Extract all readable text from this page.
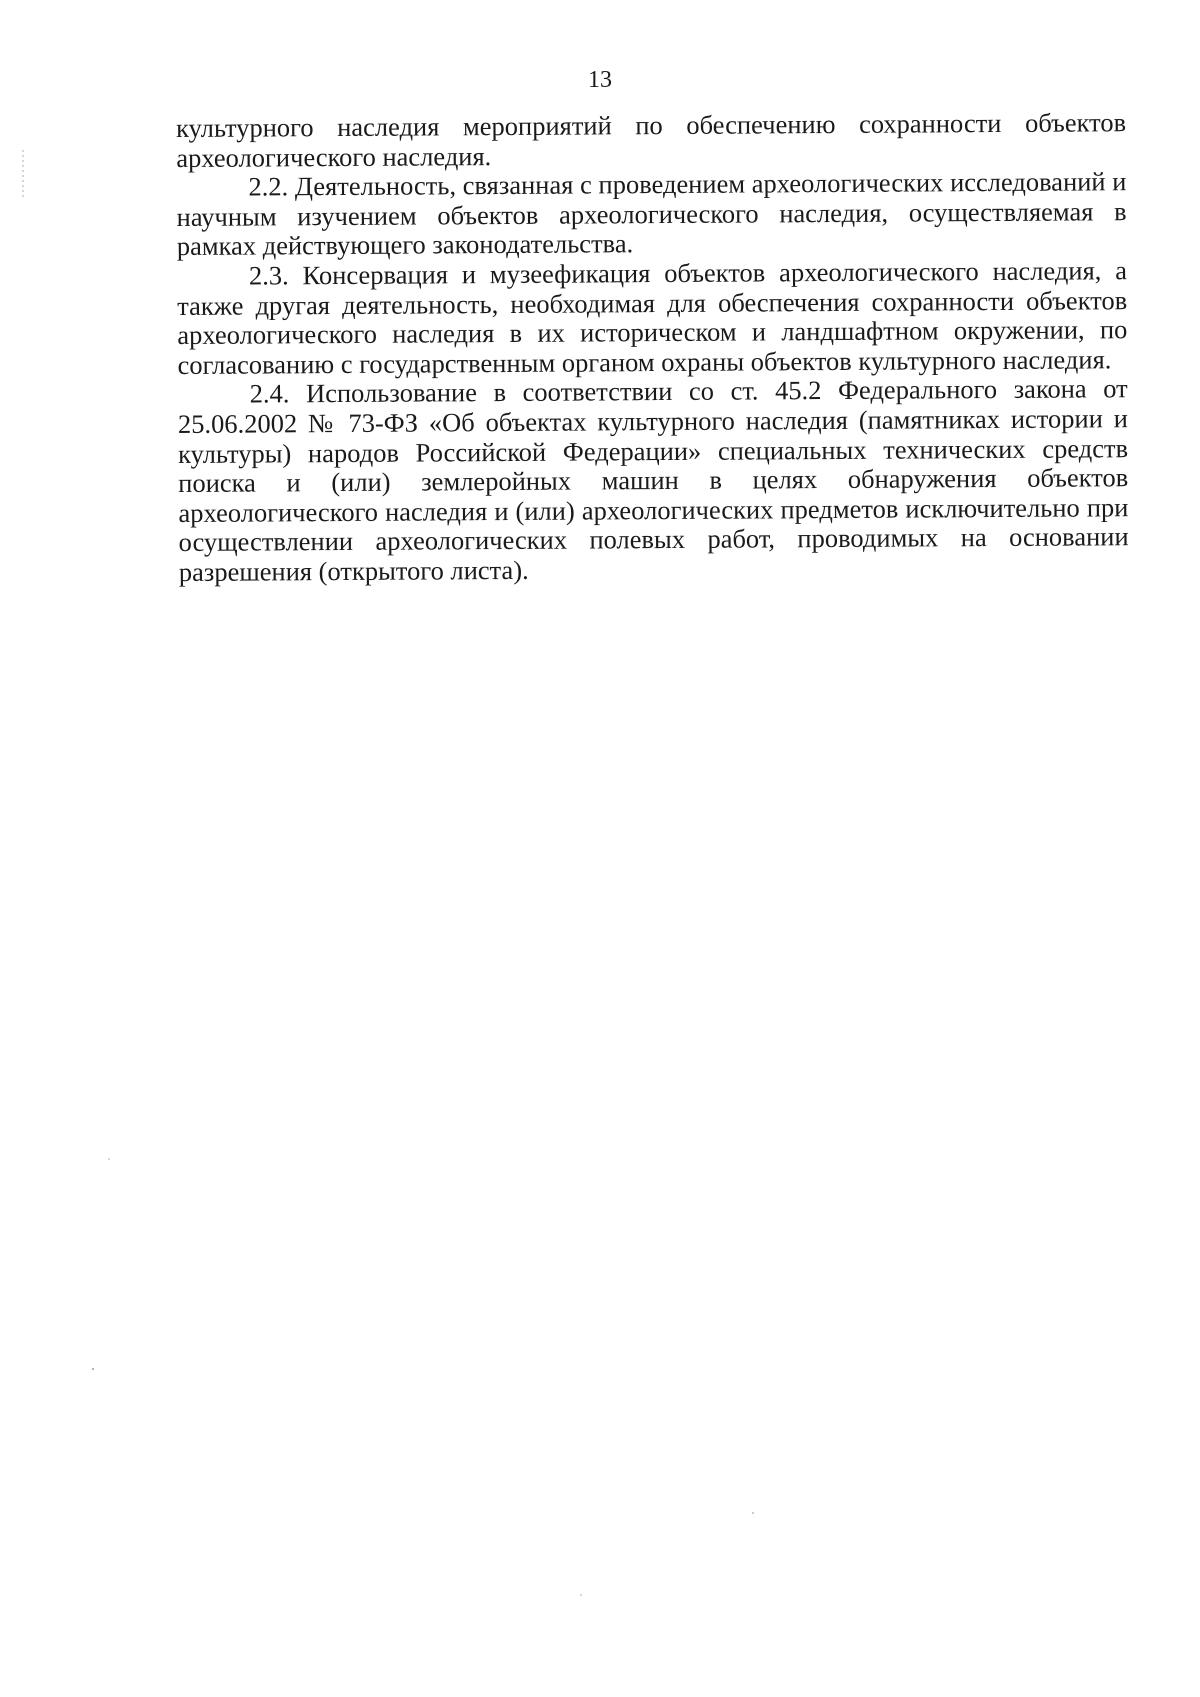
13

культурного наследия мероприятий по обеспечению сохранности объектов археологического наследия.

2.2. Деятельность, связанная с проведением археологических исследований и научным изучением объектов археологического наследия, осуществляемая в рамках действующего законодательства.

2.3. Консервация и музеефикация объектов археологического наследия, а также другая деятельность, необходимая для обеспечения сохранности объектов археологического наследия в их историческом и ландшафтном окружении, по согласованию с государственным органом охраны объектов культурного наследия.

2.4. Использование в соответствии со ст. 45.2 Федерального закона от 25.06.2002 № 73-ФЗ «Об объектах культурного наследия (памятниках истории и культуры) народов Российской Федерации» специальных технических средств поиска и (или) землеройных машин в целях обнаружения объектов археологического наследия и (или) археологических предметов исключительно при осуществлении археологических полевых работ, проводимых на основании разрешения (открытого листа).
